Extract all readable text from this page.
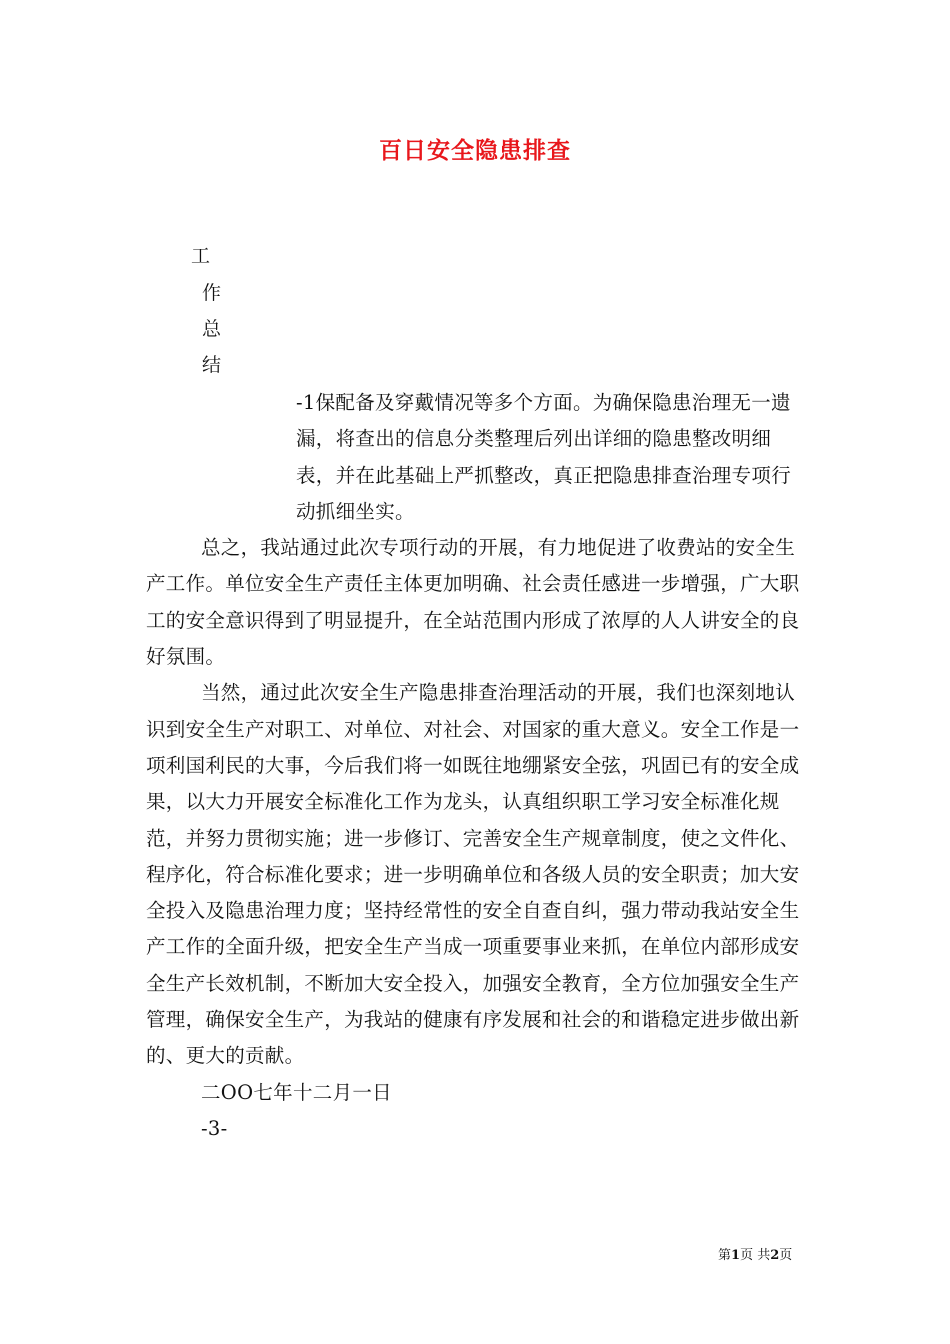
百日安全隐患排查
工
作
总
结

-1保配备及穿戴情况等多个方面。为确保隐患治理无一遗漏，将查出的信息分类整理后列出详细的隐患整改明细表，并在此基础上严抓整改，真正把隐患排查治理专项行动抓细坐实。

总之，我站通过此次专项行动的开展，有力地促进了收费站的安全生产工作。单位安全生产责任主体更加明确、社会责任感进一步增强，广大职工的安全意识得到了明显提升，在全站范围内形成了浓厚的人人讲安全的良好氛围。

当然，通过此次安全生产隐患排查治理活动的开展，我们也深刻地认识到安全生产对职工、对单位、对社会、对国家的重大意义。安全工作是一项利国利民的大事，今后我们将一如既往地绷紧安全弦，巩固已有的安全成果，以大力开展安全标准化工作为龙头，认真组织职工学习安全标准化规范，并努力贯彻实施；进一步修订、完善安全生产规章制度，使之文件化、程序化，符合标准化要求；进一步明确单位和各级人员的安全职责；加大安全投入及隐患治理力度；坚持经常性的安全自查自纠，强力带动我站安全生产工作的全面升级，把安全生产当成一项重要事业来抓，在单位内部形成安全生产长效机制，不断加大安全投入，加强安全教育，全方位加强安全生产管理，确保安全生产，为我站的健康有序发展和社会的和谐稳定进步做出新的、更大的贡献。

二OO七年十二月一日

-3-

第1页 共2页
